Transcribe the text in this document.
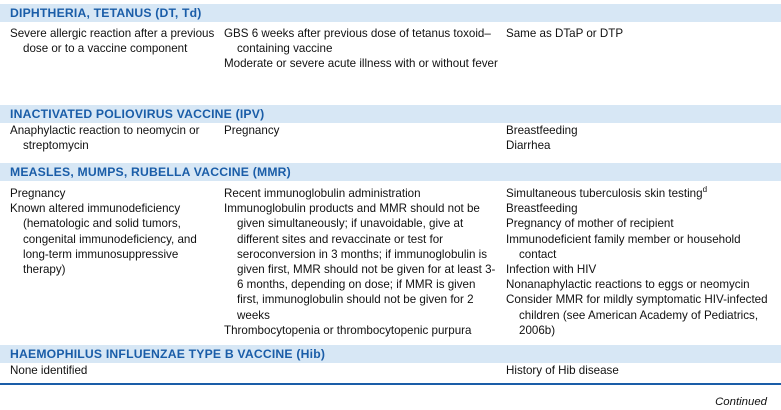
DIPHTHERIA, TETANUS (DT, Td)
Severe allergic reaction after a previous dose or to a vaccine component
GBS 6 weeks after previous dose of tetanus toxoid–containing vaccine
Moderate or severe acute illness with or without fever
Same as DTaP or DTP
INACTIVATED POLIOVIRUS VACCINE (IPV)
Anaphylactic reaction to neomycin or streptomycin
Pregnancy	Breastfeeding
Diarrhea
MEASLES, MUMPS, RUBELLA VACCINE (MMR)
Pregnancy
Known altered immunodeficiency (hematologic and solid tumors, congenital immunodeficiency, and long-term immunosuppressive therapy)
Recent immunoglobulin administration
Immunoglobulin products and MMR should not be given simultaneously; if unavoidable, give at different sites and revaccinate or test for seroconversion in 3 months; if immunoglobulin is given first, MMR should not be given for at least 3-6 months, depending on dose; if MMR is given first, immunoglobulin should not be given for 2 weeks
Thrombocytopenia or thrombocytopenic purpura
Simultaneous tuberculosis skin testing$^d$
Breastfeeding
Pregnancy of mother of recipient
Immunodeficient family member or household contact
Infection with HIV
Nonanaphylactic reactions to eggs or neomycin
Consider MMR for mildly symptomatic HIV-infected children (see American Academy of Pediatrics, 2006b)
HAEMOPHILUS INFLUENZAE TYPE B VACCINE (Hib)
None identified	History of Hib disease
Continued
